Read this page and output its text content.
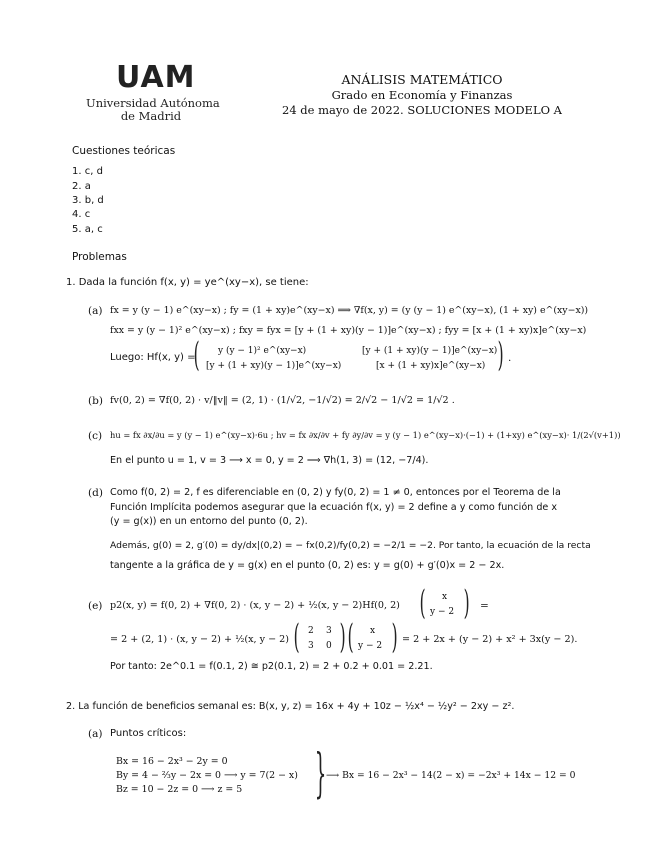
UAM
Universidad Autónoma
de Madrid
ANÁLISIS MATEMÁTICO
Grado en Economía y Finanzas
24 de mayo de 2022. SOLUCIONES MODELO A
Cuestiones teóricas
1. c, d
2. a
3. b, d
4. c
5. a, c
Problemas
1. Dada la función f(x, y) = ye^(xy−x), se tiene:
(a) fx = y (y − 1) e^(xy−x) ; fy = (1 + xy)e^(xy−x) ⟹ ∇f(x, y) = (y (y − 1) e^(xy−x), (1 + xy) e^(xy−x))
fxx = y (y − 1)² e^(xy−x) ; fxy = fyx = [y + (1 + xy)(y − 1)]e^(xy−x) ; fyy = [x + (1 + xy)x]e^(xy−x)
Luego: Hf(x, y) =
( y (y − 1)² e^(xy−x)	[y + (1 + xy)(y − 1)]e^(xy−x)
[y + (1 + xy)(y − 1)]e^(xy−x)	[x + (1 + xy)x]e^(xy−x) ) .
(b) fv(0, 2) = ∇f(0, 2) · v/‖v‖ = (2, 1) · (1/√2, −1/√2) = 2/√2 − 1/√2 = 1/√2 .
(c) hu = fx ∂x/∂u = y (y − 1) e^(xy−x)·6u ; hv = fx ∂x/∂v + fy ∂y/∂v = y (y − 1) e^(xy−x)·(−1) + (1+xy) e^(xy−x)· 1/(2√(v+1))
En el punto u = 1, v = 3 ⟶ x = 0, y = 2 ⟹ ∇h(1, 3) = (12, −7/4).
(d) Como f(0, 2) = 2, f es diferenciable en (0, 2) y fy(0, 2) = 1 ≠ 0, entonces por el Teorema de la
Función Implícita podemos asegurar que la ecuación f(x, y) = 2 define a y como función de x
(y = g(x)) en un entorno del punto (0, 2).
Además, g(0) = 2, g′(0) = dy/dx|(0,2) = − fx(0,2)/fy(0,2) = −2/1 = −2. Por tanto, la ecuación de la recta
tangente a la gráfica de y = g(x) en el punto (0, 2) es: y = g(0) + g′(0)x = 2 − 2x.
(e) p2(x, y) = f(0, 2) + ∇f(0, 2) · (x, y − 2) + ½(x, y − 2)Hf(0, 2) ( x
y − 2 ) =
= 2 + (2, 1) · (x, y − 2) + ½(x, y − 2) ( 2 3
3 0 ) ( x
y − 2 ) = 2 + 2x + (y − 2) + x² + 3x(y − 2).
Por tanto: 2e^0.1 = f(0.1, 2) ≅ p2(0.1, 2) = 2 + 0.2 + 0.01 = 2.21.
2. La función de beneficios semanal es: B(x, y, z) = 16x + 4y + 10z − ½x⁴ − ½y² − 2xy − z².
(a) Puntos críticos:
Bx = 16 − 2x³ − 2y = 0
By = 4 − ⅔y − 2x = 0 ⟶ y = 7(2 − x)
Bz = 10 − 2z = 0 ⟶ z = 5 } ⟶ Bx = 16 − 2x³ − 14(2 − x) = −2x³ + 14x − 12 = 0
